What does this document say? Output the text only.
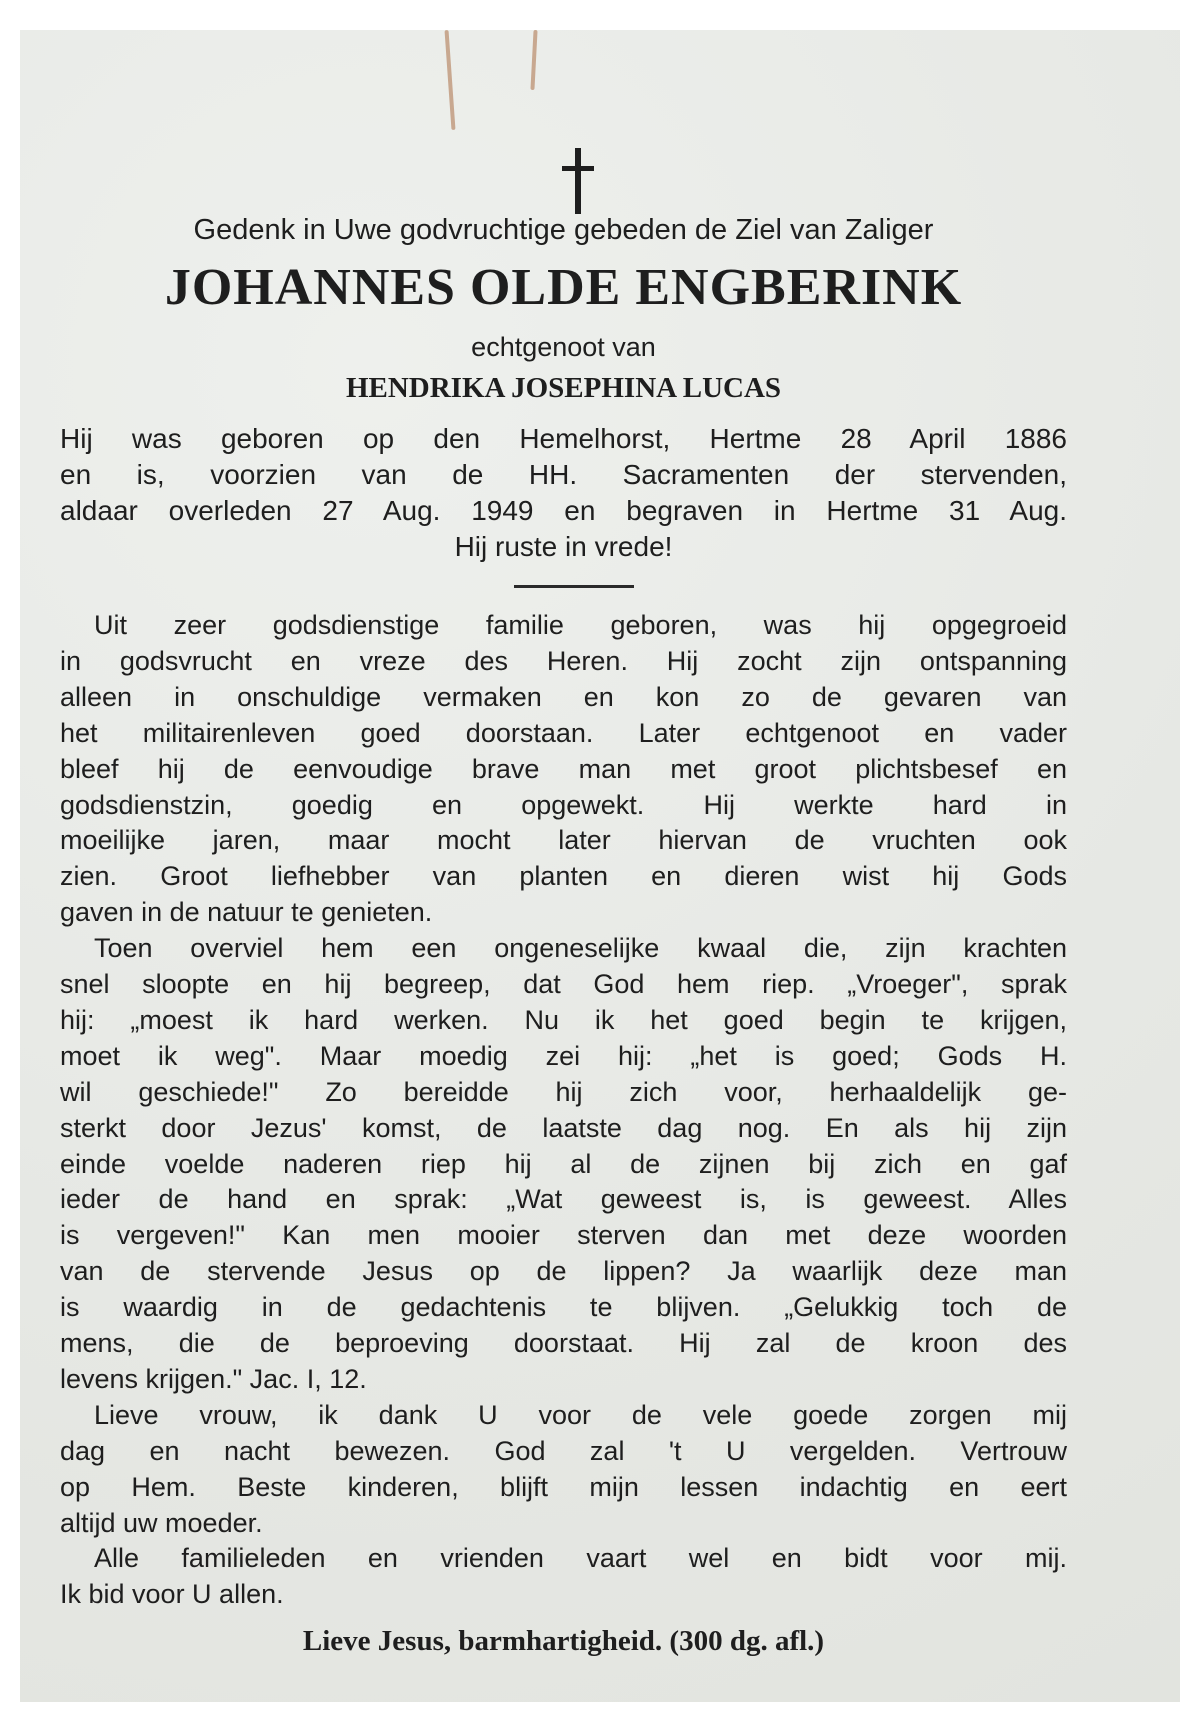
Gedenk in Uwe godvruchtige gebeden de Ziel van Zaliger
JOHANNES OLDE ENGBERINK
echtgenoot van
HENDRIKA JOSEPHINA LUCAS
Hij was geboren op den Hemelhorst, Hertme 28 April 1886
en is, voorzien van de HH. Sacramenten der stervenden,
aldaar overleden 27 Aug. 1949 en begraven in Hertme 31 Aug.
Hij ruste in vrede!
Uit zeer godsdienstige familie geboren, was hij opgegroeid
in godsvrucht en vreze des Heren. Hij zocht zijn ontspanning
alleen in onschuldige vermaken en kon zo de gevaren van
het militairenleven goed doorstaan. Later echtgenoot en vader
bleef hij de eenvoudige brave man met groot plichtsbesef en
godsdienstzin, goedig en opgewekt. Hij werkte hard in
moeilijke jaren, maar mocht later hiervan de vruchten ook
zien. Groot liefhebber van planten en dieren wist hij Gods
gaven in de natuur te genieten.
Toen overviel hem een ongeneselijke kwaal die, zijn krachten
snel sloopte en hij begreep, dat God hem riep. „Vroeger", sprak
hij: „moest ik hard werken. Nu ik het goed begin te krijgen,
moet ik weg". Maar moedig zei hij: „het is goed; Gods H.
wil geschiede!" Zo bereidde hij zich voor, herhaaldelijk ge-
sterkt door Jezus' komst, de laatste dag nog. En als hij zijn
einde voelde naderen riep hij al de zijnen bij zich en gaf
ieder de hand en sprak: „Wat geweest is, is geweest. Alles
is vergeven!" Kan men mooier sterven dan met deze woorden
van de stervende Jesus op de lippen? Ja waarlijk deze man
is waardig in de gedachtenis te blijven. „Gelukkig toch de
mens, die de beproeving doorstaat. Hij zal de kroon des
levens krijgen." Jac. I, 12.
Lieve vrouw, ik dank U voor de vele goede zorgen mij
dag en nacht bewezen. God zal 't U vergelden. Vertrouw
op Hem. Beste kinderen, blijft mijn lessen indachtig en eert
altijd uw moeder.
Alle familieleden en vrienden vaart wel en bidt voor mij.
Ik bid voor U allen.
Lieve Jesus, barmhartigheid. (300 dg. afl.)
